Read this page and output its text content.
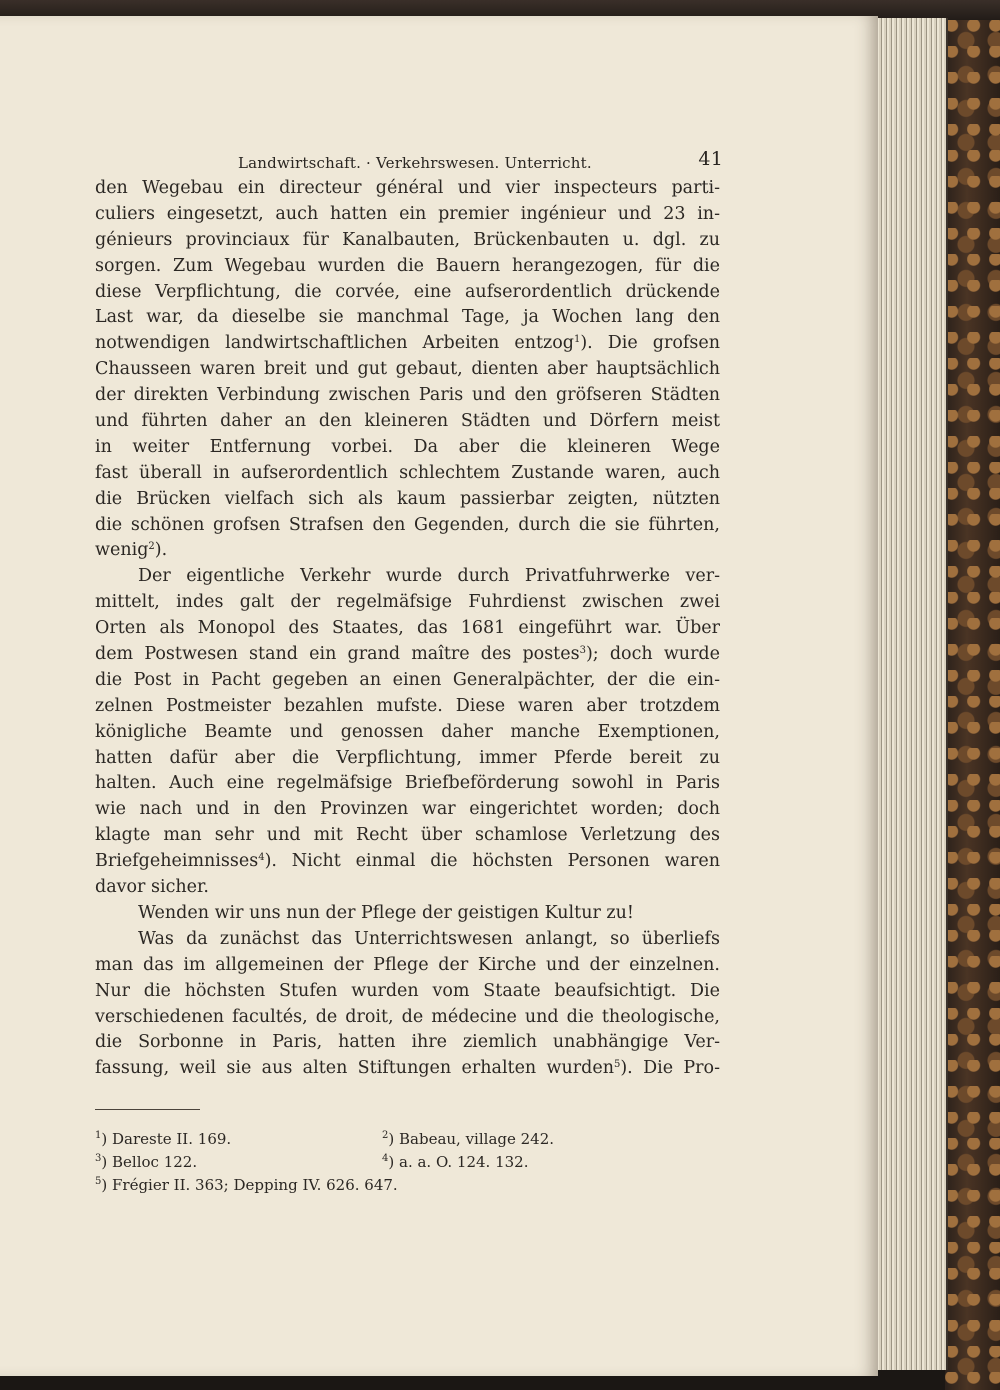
Landwirtschaft. · Verkehrswesen. Unterricht.	41
den Wegebau ein directeur général und vier inspecteurs parti-
culiers eingesetzt, auch hatten ein premier ingénieur und 23 in-
génieurs provinciaux für Kanalbauten, Brückenbauten u. dgl. zu
sorgen. Zum Wegebau wurden die Bauern herangezogen, für die
diese Verpflichtung, die corvée, eine aufserordentlich drückende
Last war, da dieselbe sie manchmal Tage, ja Wochen lang den
notwendigen landwirtschaftlichen Arbeiten entzog$^1$). Die grofsen
Chausseen waren breit und gut gebaut, dienten aber hauptsächlich
der direkten Verbindung zwischen Paris und den gröfseren Städten
und führten daher an den kleineren Städten und Dörfern meist
in weiter Entfernung vorbei. Da aber die kleineren Wege
fast überall in aufserordentlich schlechtem Zustande waren, auch
die Brücken vielfach sich als kaum passierbar zeigten, nützten
die schönen grofsen Strafsen den Gegenden, durch die sie führten,
wenig$^2$).
Der eigentliche Verkehr wurde durch Privatfuhrwerke ver-
mittelt, indes galt der regelmäfsige Fuhrdienst zwischen zwei
Orten als Monopol des Staates, das 1681 eingeführt war. Über
dem Postwesen stand ein grand maître des postes$^3$); doch wurde
die Post in Pacht gegeben an einen Generalpächter, der die ein-
zelnen Postmeister bezahlen mufste. Diese waren aber trotzdem
königliche Beamte und genossen daher manche Exemptionen,
hatten dafür aber die Verpflichtung, immer Pferde bereit zu
halten. Auch eine regelmäfsige Briefbeförderung sowohl in Paris
wie nach und in den Provinzen war eingerichtet worden; doch
klagte man sehr und mit Recht über schamlose Verletzung des
Briefgeheimnisses$^4$). Nicht einmal die höchsten Personen waren
davor sicher.
Wenden wir uns nun der Pflege der geistigen Kultur zu!
Was da zunächst das Unterrichtswesen anlangt, so überliefs
man das im allgemeinen der Pflege der Kirche und der einzelnen.
Nur die höchsten Stufen wurden vom Staate beaufsichtigt. Die
verschiedenen facultés, de droit, de médecine und die theologische,
die Sorbonne in Paris, hatten ihre ziemlich unabhängige Ver-
fassung, weil sie aus alten Stiftungen erhalten wurden$^5$). Die Pro-
$^1$) Dareste II. 169.	$^2$) Babeau, village 242.
$^3$) Belloc 122.	$^4$) a. a. O. 124. 132.
$^5$) Frégier II. 363; Depping IV. 626. 647.
